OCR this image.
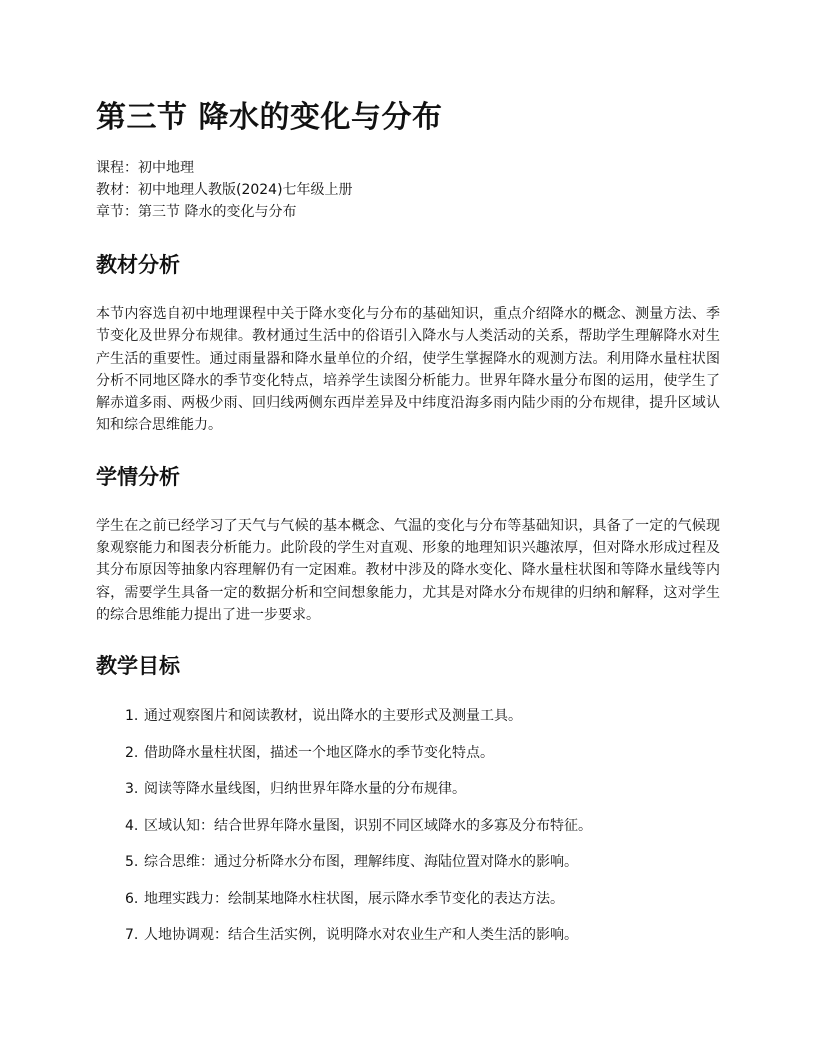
第三节 降水的变化与分布
课程：初中地理
教材：初中地理人教版(2024)七年级上册
章节：第三节 降水的变化与分布
教材分析

本节内容选自初中地理课程中关于降水变化与分布的基础知识，重点介绍降水的概念、测量方法、季节变化及世界分布规律。教材通过生活中的俗语引入降水与人类活动的关系，帮助学生理解降水对生产生活的重要性。通过雨量器和降水量单位的介绍，使学生掌握降水的观测方法。利用降水量柱状图分析不同地区降水的季节变化特点，培养学生读图分析能力。世界年降水量分布图的运用，使学生了解赤道多雨、两极少雨、回归线两侧东西岸差异及中纬度沿海多雨内陆少雨的分布规律，提升区域认知和综合思维能力。

学情分析

学生在之前已经学习了天气与气候的基本概念、气温的变化与分布等基础知识，具备了一定的气候现象观察能力和图表分析能力。此阶段的学生对直观、形象的地理知识兴趣浓厚，但对降水形成过程及其分布原因等抽象内容理解仍有一定困难。教材中涉及的降水变化、降水量柱状图和等降水量线等内容，需要学生具备一定的数据分析和空间想象能力，尤其是对降水分布规律的归纳和解释，这对学生的综合思维能力提出了进一步要求。

教学目标
1. 通过观察图片和阅读教材，说出降水的主要形式及测量工具。
2. 借助降水量柱状图，描述一个地区降水的季节变化特点。
3. 阅读等降水量线图，归纳世界年降水量的分布规律。
4. 区域认知：结合世界年降水量图，识别不同区域降水的多寡及分布特征。
5. 综合思维：通过分析降水分布图，理解纬度、海陆位置对降水的影响。
6. 地理实践力：绘制某地降水柱状图，展示降水季节变化的表达方法。
7. 人地协调观：结合生活实例，说明降水对农业生产和人类生活的影响。
